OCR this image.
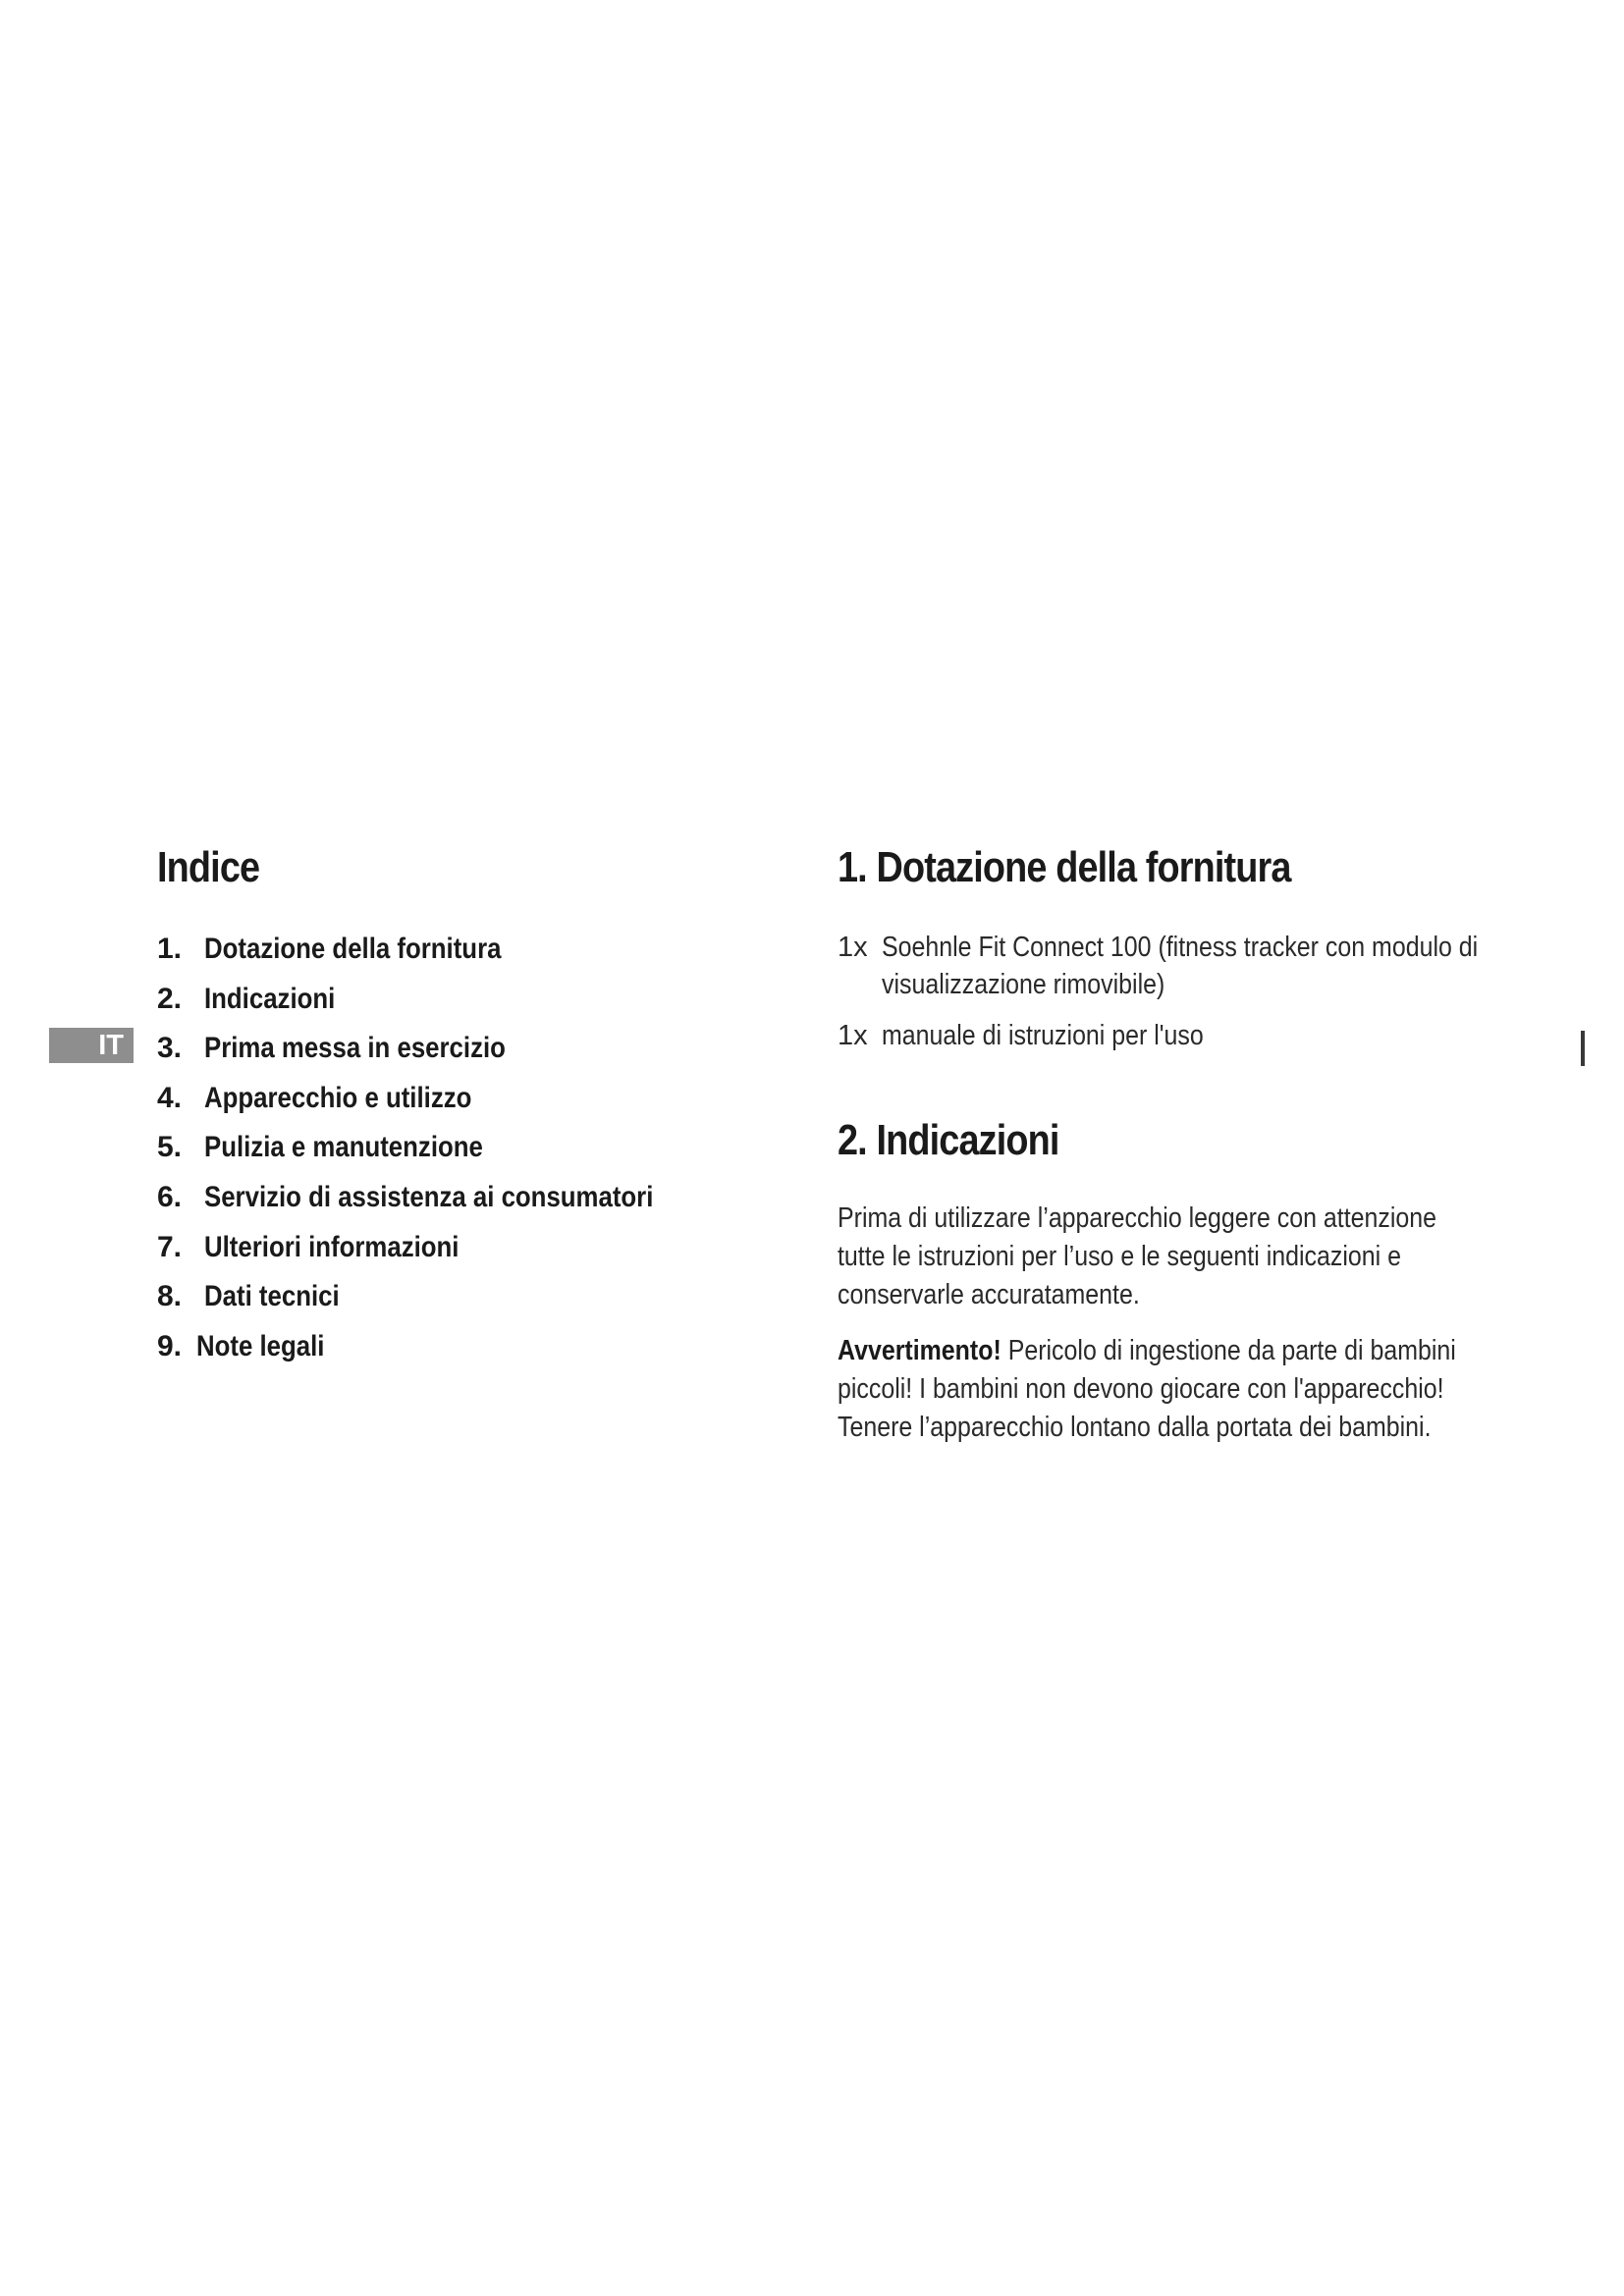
IT
Indice
1. Dotazione della fornitura
2. Indicazioni
3. Prima messa in esercizio
4. Apparecchio e utilizzo
5. Pulizia e manutenzione
6. Servizio di assistenza ai consumatori
7. Ulteriori informazioni
8. Dati tecnici
9. Note legali
1. Dotazione della fornitura
1x Soehnle Fit Connect 100 (fitness tracker con modulo di visualizzazione rimovibile)
1x manuale di istruzioni per l'uso
2. Indicazioni
Prima di utilizzare l’apparecchio leggere con attenzione tutte le istruzioni per l’uso e le seguenti indicazioni e conservarle accuratamente.
Avvertimento! Pericolo di ingestione da parte di bambini piccoli! I bambini non devono giocare con l'apparecchio! Tenere l’apparecchio lontano dalla portata dei bambini.
